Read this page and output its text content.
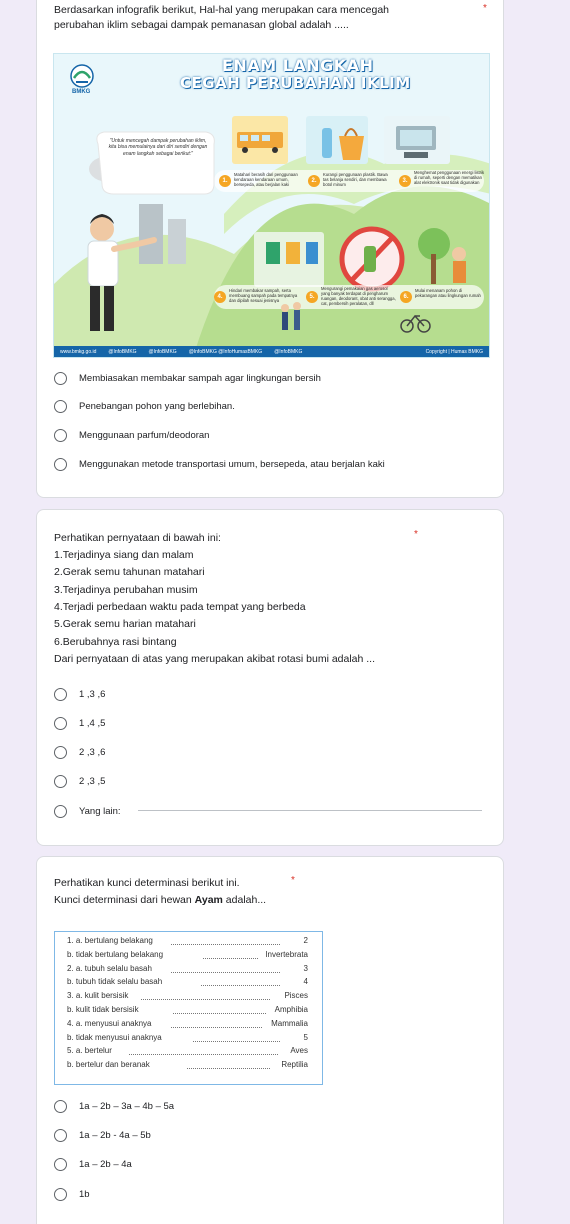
Berdasarkan infografik berikut, Hal-hal yang merupakan cara mencegah
perubahan iklim sebagai dampak pemanasan global adalah .....
*
BMKG
ENAM LANGKAH
CEGAH PERUBAHAN IKLIM
"Untuk mencegah dampak perubahan iklim, kita bisa memulainya dari diri sendiri dengan enam langkah sebagai berikut:"
1.
Matahari berasih dari penggunaan kendaraan kendaraan umum, bersepeda, atau berjalan kaki
2.
Kurangi penggunaan plastik. Bawa tas belanja sendiri, dan membawa botol minum
3.
Menghemat penggunaan energi listrik di rumah, seperti dengan mematikan alat elektronik saat tidak digunakan
4.
Hindari membakar sampah, serta membuang sampah pada tempatnya dan dipilah sesuai jenisnya
5.
Mengurangi pemakaian gas aerosol yang banyak terdapat di pengharum ruangan, deodorant, obat anti serangga, cat, pembersih peralatan, dll
6.
Mulai menanam pohon di pekarangan atau lingkungan rumah
www.bmkg.go.id @InfoBMKG @InfoBMKG @InfoBMKG @InfoHumasBMKG @InfoBMKG	Copyright | Humas BMKG
Membiasakan membakar sampah agar lingkungan bersih
Penebangan pohon yang berlebihan.
Menggunaan parfum/deodoran
Menggunakan metode transportasi umum, bersepeda, atau berjalan kaki
Perhatikan pernyataan di bawah ini:	*
1.Terjadinya siang dan malam
2.Gerak semu tahunan matahari
3.Terjadinya perubahan musim
4.Terjadi perbedaan waktu pada tempat yang berbeda
5.Gerak semu harian matahari
6.Berubahnya rasi bintang
Dari pernyataan di atas yang merupakan akibat rotasi bumi adalah ...
1 ,3 ,6
1 ,4 ,5
2 ,3 ,6
2 ,3 ,5
Yang lain:
Perhatikan kunci determinasi berikut ini.	*
Kunci determinasi dari hewan Ayam adalah...
1. a. bertulang belakang	2
b. tidak bertulang belakang	Invertebrata
2. a. tubuh selalu basah	3
b. tubuh tidak selalu basah	4
3. a. kulit bersisik	Pisces
b. kulit tidak bersisik	Amphibia
4. a. menyusui anaknya	Mammalia
b. tidak menyusui anaknya	5
5. a. bertelur	Aves
b. bertelur dan beranak	Reptilia
1a – 2b – 3a – 4b – 5a
1a – 2b - 4a – 5b
1a – 2b – 4a
1b
